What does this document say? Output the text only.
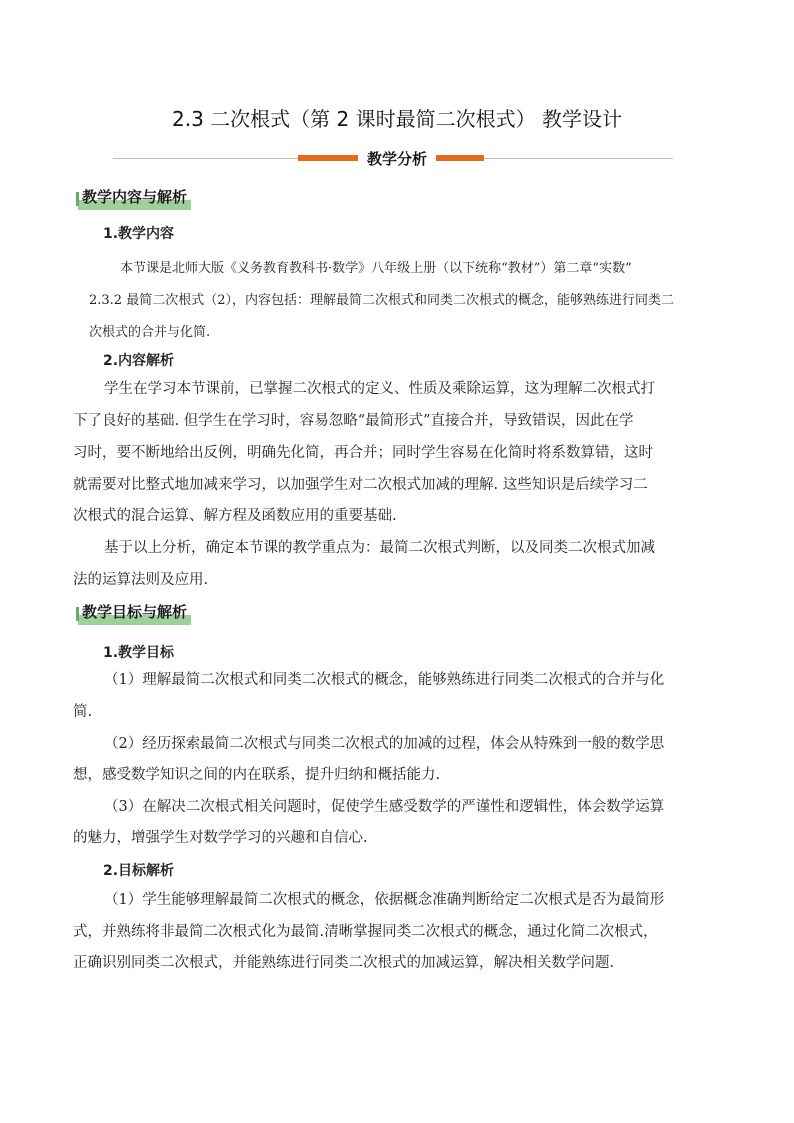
2.3 二次根式（第 2 课时最简二次根式） 教学设计
教学分析
教学内容与解析
1.教学内容
本节课是北师大版《义务教育教科书·数学》八年级上册（以下统称“教材”）第二章“实数”
2.3.2 最简二次根式（2），内容包括：理解最简二次根式和同类二次根式的概念，能够熟练进行同类二
次根式的合并与化简.
2.内容解析
学生在学习本节课前，已掌握二次根式的定义、性质及乘除运算，这为理解二次根式打
下了良好的基础. 但学生在学习时，容易忽略“最简形式”直接合并，导致错误，因此在学
习时，要不断地给出反例，明确先化简，再合并；同时学生容易在化简时将系数算错，这时
就需要对比整式地加减来学习，以加强学生对二次根式加减的理解. 这些知识是后续学习二
次根式的混合运算、解方程及函数应用的重要基础.
基于以上分析，确定本节课的教学重点为：最简二次根式判断，以及同类二次根式加减
法的运算法则及应用.
教学目标与解析
1.教学目标
（1）理解最简二次根式和同类二次根式的概念，能够熟练进行同类二次根式的合并与化
简.
（2）经历探索最简二次根式与同类二次根式的加减的过程，体会从特殊到一般的数学思
想，感受数学知识之间的内在联系，提升归纳和概括能力.
（3）在解决二次根式相关问题时，促使学生感受数学的严谨性和逻辑性，体会数学运算
的魅力，增强学生对数学学习的兴趣和自信心.
2.目标解析
（1）学生能够理解最简二次根式的概念，依据概念准确判断给定二次根式是否为最简形
式，并熟练将非最简二次根式化为最简.清晰掌握同类二次根式的概念，通过化简二次根式，
正确识别同类二次根式，并能熟练进行同类二次根式的加减运算，解决相关数学问题.
